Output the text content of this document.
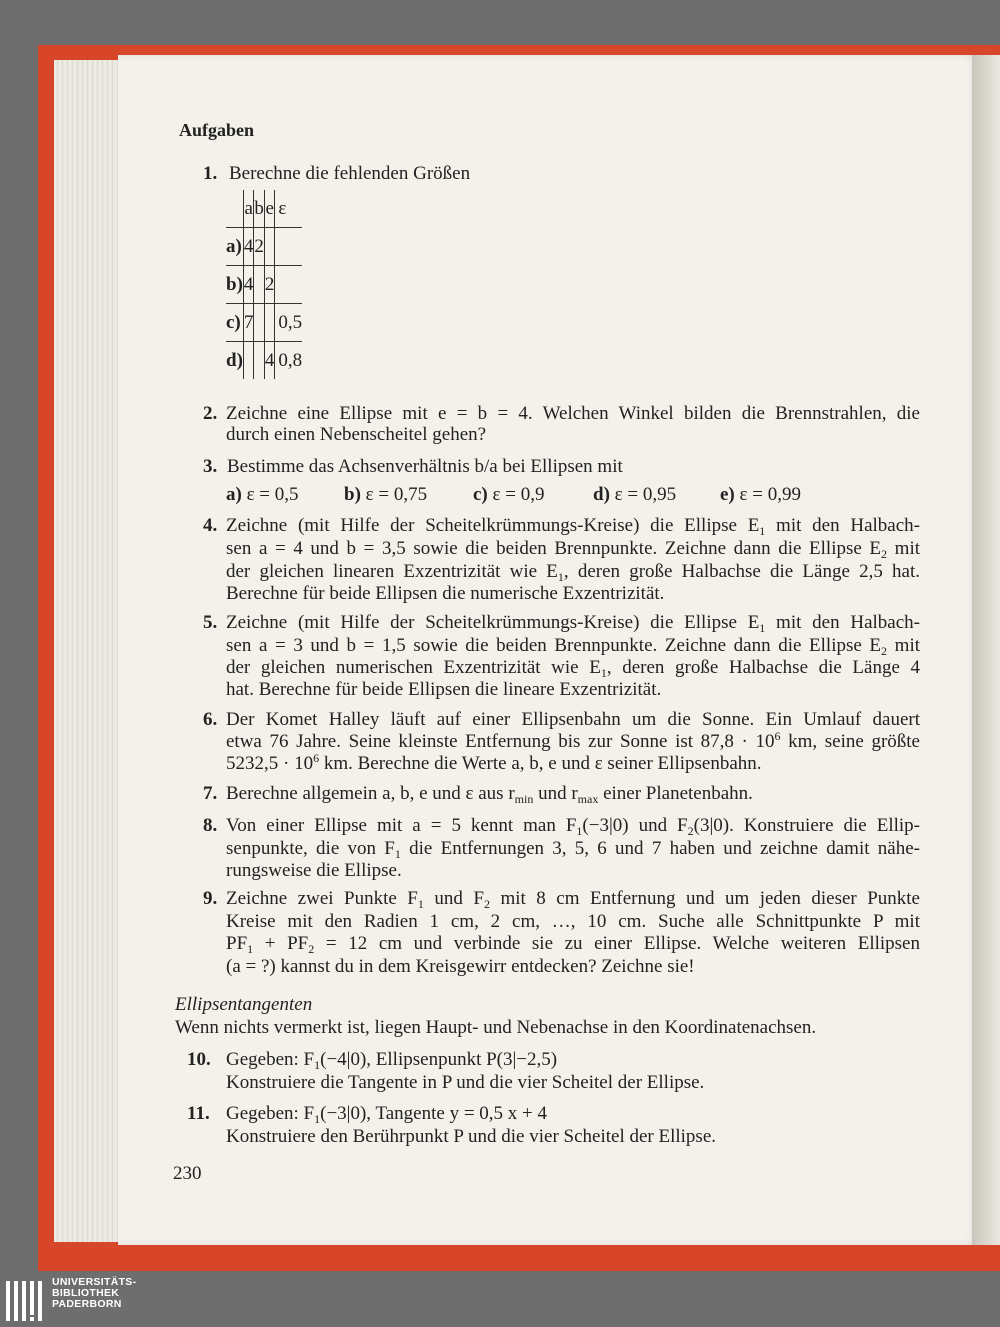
Aufgaben
1. Berechne die fehlenden Größen
	a	b	e	ε
a)	4	2		
b)	4		2	
c)	7			0,5
d)			4	0,8
2. Zeichne eine Ellipse mit e = b = 4. Welchen Winkel bilden die Brennstrahlen, die
durch einen Nebenscheitel gehen?
3. Bestimme das Achsenverhältnis b/a bei Ellipsen mit
a) ε = 0,5 b) ε = 0,75 c) ε = 0,9	d) ε = 0,95 e) ε = 0,99
4. Zeichne (mit Hilfe der Scheitelkrümmungs-Kreise) die Ellipse $E_1$ mit den Halbach-
sen a = 4 und b = 3,5 sowie die beiden Brennpunkte. Zeichne dann die Ellipse $E_2$ mit
der gleichen linearen Exzentrizität wie $E_1$, deren große Halbachse die Länge 2,5 hat.
Berechne für beide Ellipsen die numerische Exzentrizität.
5. Zeichne (mit Hilfe der Scheitelkrümmungs-Kreise) die Ellipse $E_1$ mit den Halbach-
sen a = 3 und b = 1,5 sowie die beiden Brennpunkte. Zeichne dann die Ellipse $E_2$ mit
der gleichen numerischen Exzentrizität wie $E_1$, deren große Halbachse die Länge 4
hat. Berechne für beide Ellipsen die lineare Exzentrizität.
6. Der Komet Halley läuft auf einer Ellipsenbahn um die Sonne. Ein Umlauf dauert
etwa 76 Jahre. Seine kleinste Entfernung bis zur Sonne ist $87,8 \cdot 10^6$ km, seine größte
$5232,5 \cdot 10^6$ km. Berechne die Werte a, b, e und ε seiner Ellipsenbahn.
7. Berechne allgemein a, b, e und ε aus $r_{min}$ und $r_{max}$ einer Planetenbahn.
8. Von einer Ellipse mit a = 5 kennt man $F_1(-3|0)$ und $F_2(3|0)$. Konstruiere die Ellip-
senpunkte, die von $F_1$ die Entfernungen 3, 5, 6 und 7 haben und zeichne damit nähe-
rungsweise die Ellipse.
9. Zeichne zwei Punkte $F_1$ und $F_2$ mit 8 cm Entfernung und um jeden dieser Punkte
Kreise mit den Radien 1 cm, 2 cm, …, 10 cm. Suche alle Schnittpunkte P mit
$PF_1 + PF_2 = 12$ cm und verbinde sie zu einer Ellipse. Welche weiteren Ellipsen
(a = ?) kannst du in dem Kreisgewirr entdecken? Zeichne sie!
Ellipsentangenten
Wenn nichts vermerkt ist, liegen Haupt- und Nebenachse in den Koordinatenachsen.
10. Gegeben: $F_1(-4|0)$, Ellipsenpunkt P(3|−2,5)
Konstruiere die Tangente in P und die vier Scheitel der Ellipse.
11. Gegeben: $F_1(-3|0)$, Tangente y = 0,5 x + 4
Konstruiere den Berührpunkt P und die vier Scheitel der Ellipse.
230
UNIVERSITÄTS-
BIBLIOTHEK
PADERBORN
